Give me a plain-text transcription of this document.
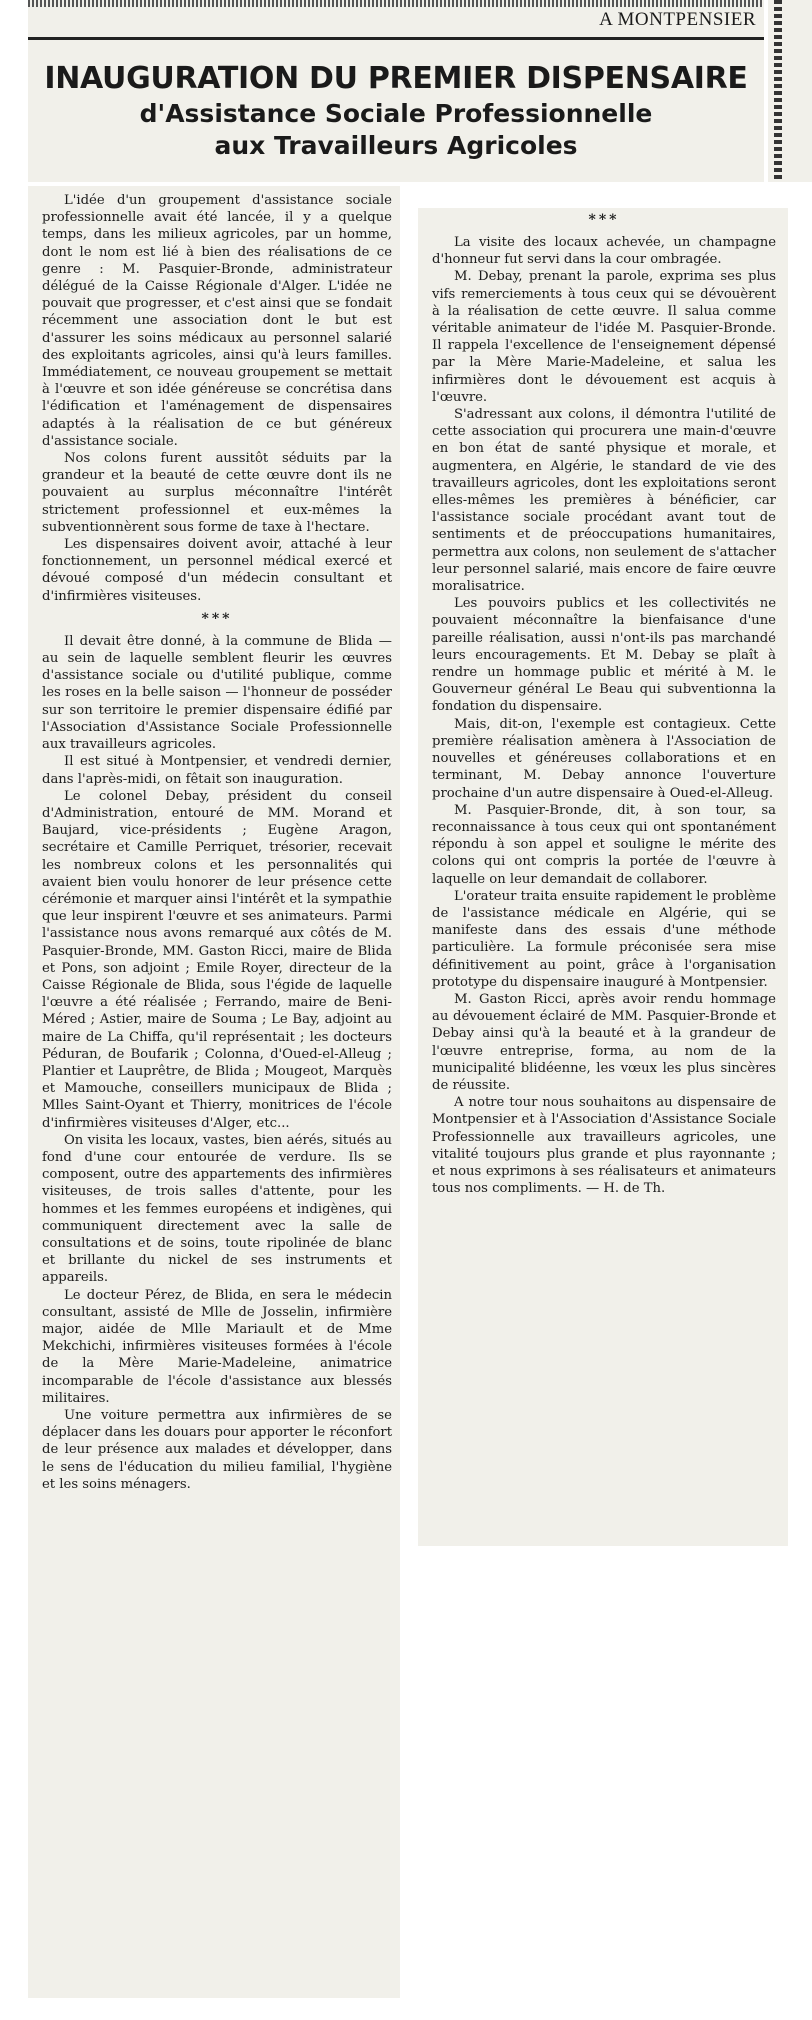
A MONTPENSIER
INAUGURATION DU PREMIER DISPENSAIRE
d'Assistance Sociale Professionnelle
aux Travailleurs Agricoles

L'idée d'un groupement d'assistance sociale professionnelle avait été lancée, il y a quelque temps, dans les milieux agricoles, par un homme, dont le nom est lié à bien des réalisations de ce genre : M. Pasquier-Bronde, administrateur délégué de la Caisse Régionale d'Alger. L'idée ne pouvait que progresser, et c'est ainsi que se fondait récemment une association dont le but est d'assurer les soins médicaux au personnel salarié des exploitants agricoles, ainsi qu'à leurs familles. Immédiatement, ce nouveau groupement se mettait à l'œuvre et son idée généreuse se concrétisa dans l'édification et l'aménagement de dispensaires adaptés à la réalisation de ce but généreux d'assistance sociale.

Nos colons furent aussitôt séduits par la grandeur et la beauté de cette œuvre dont ils ne pouvaient au surplus méconnaître l'intérêt strictement professionnel et eux-mêmes la subventionnèrent sous forme de taxe à l'hectare.

Les dispensaires doivent avoir, attaché à leur fonctionnement, un personnel médical exercé et dévoué composé d'un médecin consultant et d'infirmières visiteuses.

***

Il devait être donné, à la commune de Blida — au sein de laquelle semblent fleurir les œuvres d'assistance sociale ou d'utilité publique, comme les roses en la belle saison — l'honneur de posséder sur son territoire le premier dispensaire édifié par l'Association d'Assistance Sociale Professionnelle aux travailleurs agricoles.

Il est situé à Montpensier, et vendredi dernier, dans l'après-midi, on fêtait son inauguration.

Le colonel Debay, président du conseil d'Administration, entouré de MM. Morand et Baujard, vice-présidents ; Eugène Aragon, secrétaire et Camille Perriquet, trésorier, recevait les nombreux colons et les personnalités qui avaient bien voulu honorer de leur présence cette cérémonie et marquer ainsi l'intérêt et la sympathie que leur inspirent l'œuvre et ses animateurs. Parmi l'assistance nous avons remarqué aux côtés de M. Pasquier-Bronde, MM. Gaston Ricci, maire de Blida et Pons, son adjoint ; Emile Royer, directeur de la Caisse Régionale de Blida, sous l'égide de laquelle l'œuvre a été réalisée ; Ferrando, maire de Beni-Méred ; Astier, maire de Souma ; Le Bay, adjoint au maire de La Chiffa, qu'il représentait ; les docteurs Péduran, de Boufarik ; Colonna, d'Oued-el-Alleug ; Plantier et Lauprêtre, de Blida ; Mougeot, Marquès et Mamouche, conseillers municipaux de Blida ; Mlles Saint-Oyant et Thierry, monitrices de l'école d'infirmières visiteuses d'Alger, etc...

On visita les locaux, vastes, bien aérés, situés au fond d'une cour entourée de verdure. Ils se composent, outre des appartements des infirmières visiteuses, de trois salles d'attente, pour les hommes et les femmes européens et indigènes, qui communiquent directement avec la salle de consultations et de soins, toute ripolinée de blanc et brillante du nickel de ses instruments et appareils.

Le docteur Pérez, de Blida, en sera le médecin consultant, assisté de Mlle de Josselin, infirmière major, aidée de Mlle Mariault et de Mme Mekchichi, infirmières visiteuses formées à l'école de la Mère Marie-Madeleine, animatrice incomparable de l'école d'assistance aux blessés militaires.

Une voiture permettra aux infirmières de se déplacer dans les douars pour apporter le réconfort de leur présence aux malades et développer, dans le sens de l'éducation du milieu familial, l'hygiène et les soins ménagers.

***

La visite des locaux achevée, un champagne d'honneur fut servi dans la cour ombragée.

M. Debay, prenant la parole, exprima ses plus vifs remerciements à tous ceux qui se dévouèrent à la réalisation de cette œuvre. Il salua comme véritable animateur de l'idée M. Pasquier-Bronde. Il rappela l'excellence de l'enseignement dépensé par la Mère Marie-Madeleine, et salua les infirmières dont le dévouement est acquis à l'œuvre.

S'adressant aux colons, il démontra l'utilité de cette association qui procurera une main-d'œuvre en bon état de santé physique et morale, et augmentera, en Algérie, le standard de vie des travailleurs agricoles, dont les exploitations seront elles-mêmes les premières à bénéficier, car l'assistance sociale procédant avant tout de sentiments et de préoccupations humanitaires, permettra aux colons, non seulement de s'attacher leur personnel salarié, mais encore de faire œuvre moralisatrice.

Les pouvoirs publics et les collectivités ne pouvaient méconnaître la bienfaisance d'une pareille réalisation, aussi n'ont-ils pas marchandé leurs encouragements. Et M. Debay se plaît à rendre un hommage public et mérité à M. le Gouverneur général Le Beau qui subventionna la fondation du dispensaire.

Mais, dit-on, l'exemple est contagieux. Cette première réalisation amènera à l'Association de nouvelles et généreuses collaborations et en terminant, M. Debay annonce l'ouverture prochaine d'un autre dispensaire à Oued-el-Alleug.

M. Pasquier-Bronde, dit, à son tour, sa reconnaissance à tous ceux qui ont spontanément répondu à son appel et souligne le mérite des colons qui ont compris la portée de l'œuvre à laquelle on leur demandait de collaborer.

L'orateur traita ensuite rapidement le problème de l'assistance médicale en Algérie, qui se manifeste dans des essais d'une méthode particulière. La formule préconisée sera mise définitivement au point, grâce à l'organisation prototype du dispensaire inauguré à Montpensier.

M. Gaston Ricci, après avoir rendu hommage au dévouement éclairé de MM. Pasquier-Bronde et Debay ainsi qu'à la beauté et à la grandeur de l'œuvre entreprise, forma, au nom de la municipalité blidéenne, les vœux les plus sincères de réussite.

A notre tour nous souhaitons au dispensaire de Montpensier et à l'Association d'Assistance Sociale Professionnelle aux travailleurs agricoles, une vitalité toujours plus grande et plus rayonnante ; et nous exprimons à ses réalisateurs et animateurs tous nos compliments. — H. de Th.
